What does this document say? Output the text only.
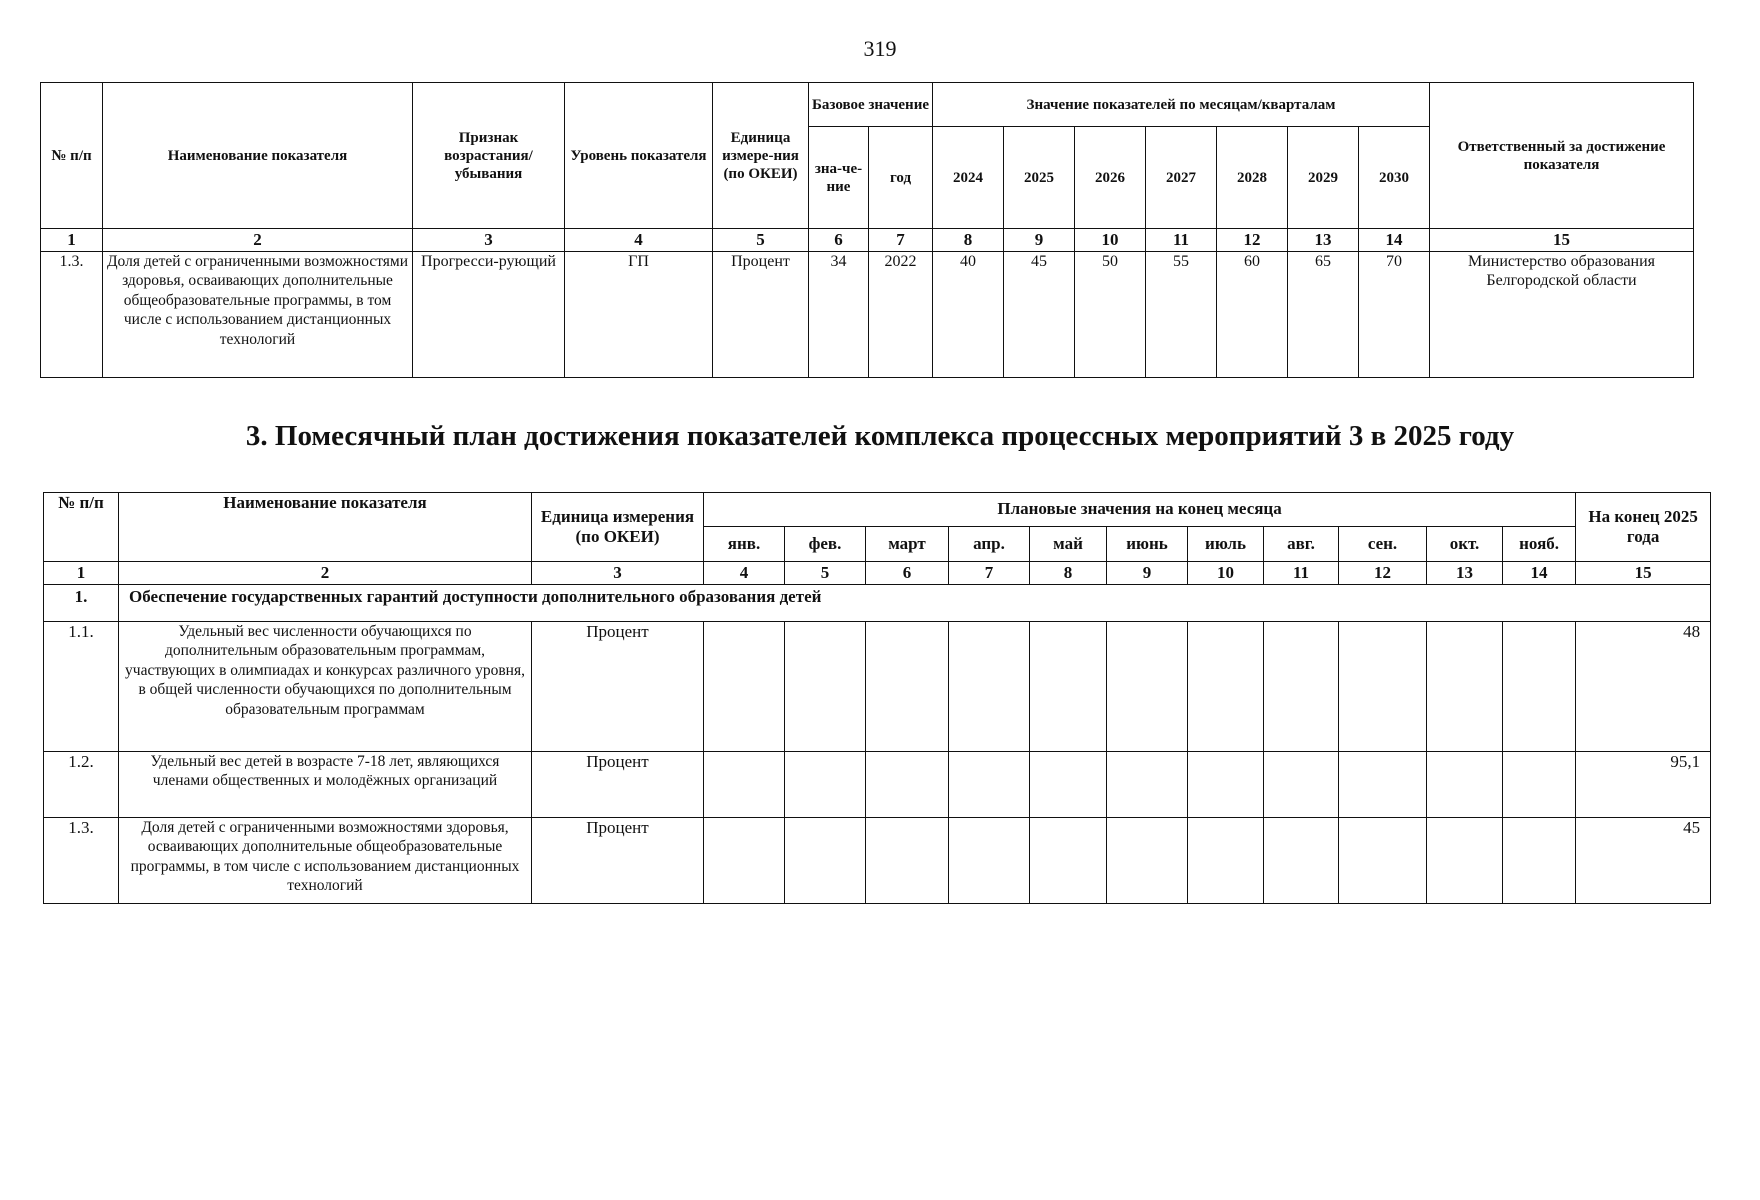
319
№ п/п	Наименование показателя	Признак возрастания/ убывания	Уровень показателя	Единица измере-ния (по ОКЕИ)	Базовое значение		Значение показателей по месяцам/кварталам							Ответственный за достижение показателя
					зна-че-ние	год	2024	2025	2026	2027	2028	2029	2030	
1	2	3	4	5	6	7	8	9	10	11	12	13	14	15
1.3.	Доля детей с ограниченными возможностями здоровья, осваивающих дополнительные общеобразовательные программы, в том числе с использованием дистанционных технологий	Прогресси-рующий	ГП	Процент	34	2022	40	45	50	55	60	65	70	Министерство образования Белгородской области
3. Помесячный план достижения показателей комплекса процессных мероприятий 3 в 2025 году
№ п/п	Наименование показателя	Единица измерения (по ОКЕИ)	Плановые значения на конец месяца											На конец 2025 года
			янв.	фев.	март	апр.	май	июнь	июль	авг.	сен.	окт.	нояб.	
1	2	3	4	5	6	7	8	9	10	11	12	13	14	15
1.	Обеспечение государственных гарантий доступности дополнительного образования детей													
1.1.	Удельный вес численности обучающихся по дополнительным образовательным программам, участвующих в олимпиадах и конкурсах различного уровня, в общей численности обучающихся по дополнительным образовательным программам	Процент												48
1.2.	Удельный вес детей в возрасте 7-18 лет, являющихся членами общественных и молодёжных организаций	Процент												95,1
1.3.	Доля детей с ограниченными возможностями здоровья, осваивающих дополнительные общеобразовательные программы, в том числе с использованием дистанционных технологий	Процент												45
